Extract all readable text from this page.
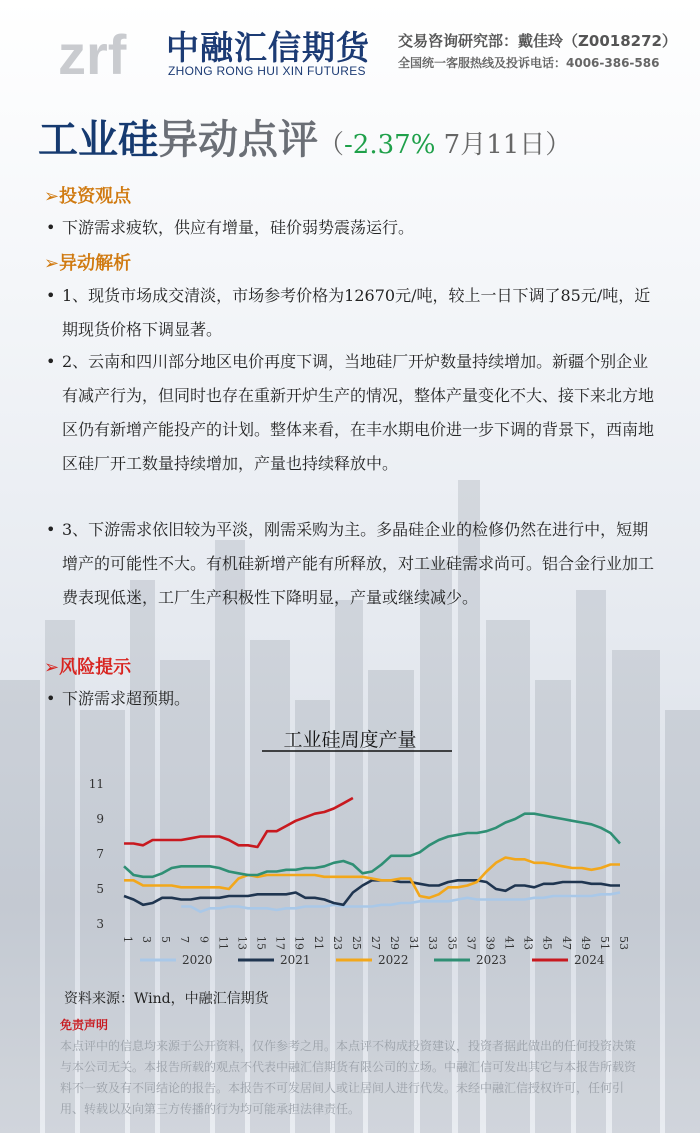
zrf 中融汇信期货
ZHONG RONG HUI XIN FUTURES
交易咨询研究部：戴佳玲（Z0018272）
全国统一客服热线及投诉电话：4006-386-586
工业硅异动点评（-2.37% 7月11日）
➢投资观点
• 下游需求疲软，供应有增量，硅价弱势震荡运行。
➢异动解析
• 1、现货市场成交清淡，市场参考价格为12670元/吨，较上一日下调了85元/吨，近期现货价格下调显著。
• 2、云南和四川部分地区电价再度下调，当地硅厂开炉数量持续增加。新疆个别企业有减产行为，但同时也存在重新开炉生产的情况，整体产量变化不大、接下来北方地区仍有新增产能投产的计划。整体来看，在丰水期电价进一步下调的背景下，西南地区硅厂开工数量持续增加，产量也持续释放中。
• 3、下游需求依旧较为平淡，刚需采购为主。多晶硅企业的检修仍然在进行中，短期增产的可能性不大。有机硅新增产能有所释放，对工业硅需求尚可。铝合金行业加工费表现低迷，工厂生产积极性下降明显，产量或继续减少。
➢风险提示
• 下游需求超预期。
工业硅周度产量
3
5
7
9
11
1 3 5 7 9 11 13 15 17 19 21 23 25 27 29 31 33 35 37 39 41 43 45 47 49 51 53
2020	2021	2022	2023	2024
资料来源：Wind，中融汇信期货
免责声明
本点评中的信息均来源于公开资料，仅作参考之用。本点评不构成投资建议，投资者据此做出的任何投资决策与本公司无关。本报告所载的观点不代表中融汇信期货有限公司的立场。中融汇信可发出其它与本报告所载资料不一致及有不同结论的报告。本报告不可发居间人或让居间人进行代发。未经中融汇信授权许可，任何引用、转载以及向第三方传播的行为均可能承担法律责任。
